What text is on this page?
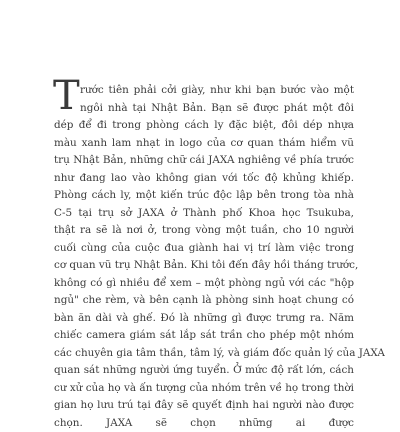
T rước tiên phải cởi giày, như khi bạn bước vào một
ngôi nhà tại Nhật Bản. Bạn sẽ được phát một đôi
dép để đi trong phòng cách ly đặc biệt, đôi dép nhựa
màu xanh lam nhạt in logo của cơ quan thám hiểm vũ
trụ Nhật Bản, những chữ cái JAXA nghiêng về phía trước
như đang lao vào không gian với tốc độ khủng khiếp.
Phòng cách ly, một kiến trúc độc lập bên trong tòa nhà
C-5 tại trụ sở JAXA ở Thành phố Khoa học Tsukuba,
thật ra sẽ là nơi ở, trong vòng một tuần, cho 10 người
cuối cùng của cuộc đua giành hai vị trí làm việc trong
cơ quan vũ trụ Nhật Bản. Khi tôi đến đây hồi tháng trước,
không có gì nhiều để xem – một phòng ngủ với các "hộp
ngủ" che rèm, và bên cạnh là phòng sinh hoạt chung có
bàn ăn dài và ghế. Đó là những gì được trưng ra. Năm
chiếc camera giám sát lắp sát trần cho phép một nhóm
các chuyên gia tâm thần, tâm lý, và giám đốc quản lý của JAXA
quan sát những người ứng tuyển. Ở mức độ rất lớn, cách
cư xử của họ và ấn tượng của nhóm trên về họ trong thời
gian họ lưu trú tại đây sẽ quyết định hai người nào được
chọn. JAXA sẽ chọn những ai được
